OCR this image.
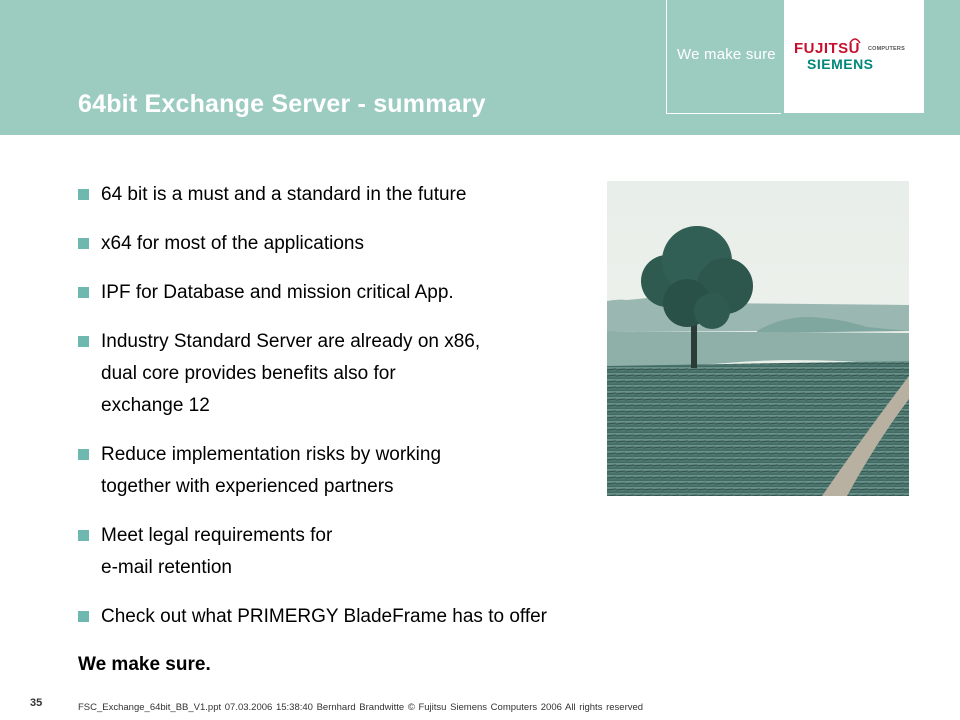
64bit Exchange Server - summary
We make sure FUJITSU COMPUTERS
SIEMENS
64 bit is a must and a standard in the future
x64 for most of the applications
IPF for Database and mission critical App.
Industry Standard Server are already on x86,
dual core provides benefits also for
exchange 12
Reduce implementation risks by working
together with experienced partners
Meet legal requirements for
e-mail retention
Check out what PRIMERGY BladeFrame has to offer
We make sure.
35	FSC_Exchange_64bit_BB_V1.ppt 07.03.2006 15:38:40 Bernhard Brandwitte © Fujitsu Siemens Computers 2006 All rights reserved
